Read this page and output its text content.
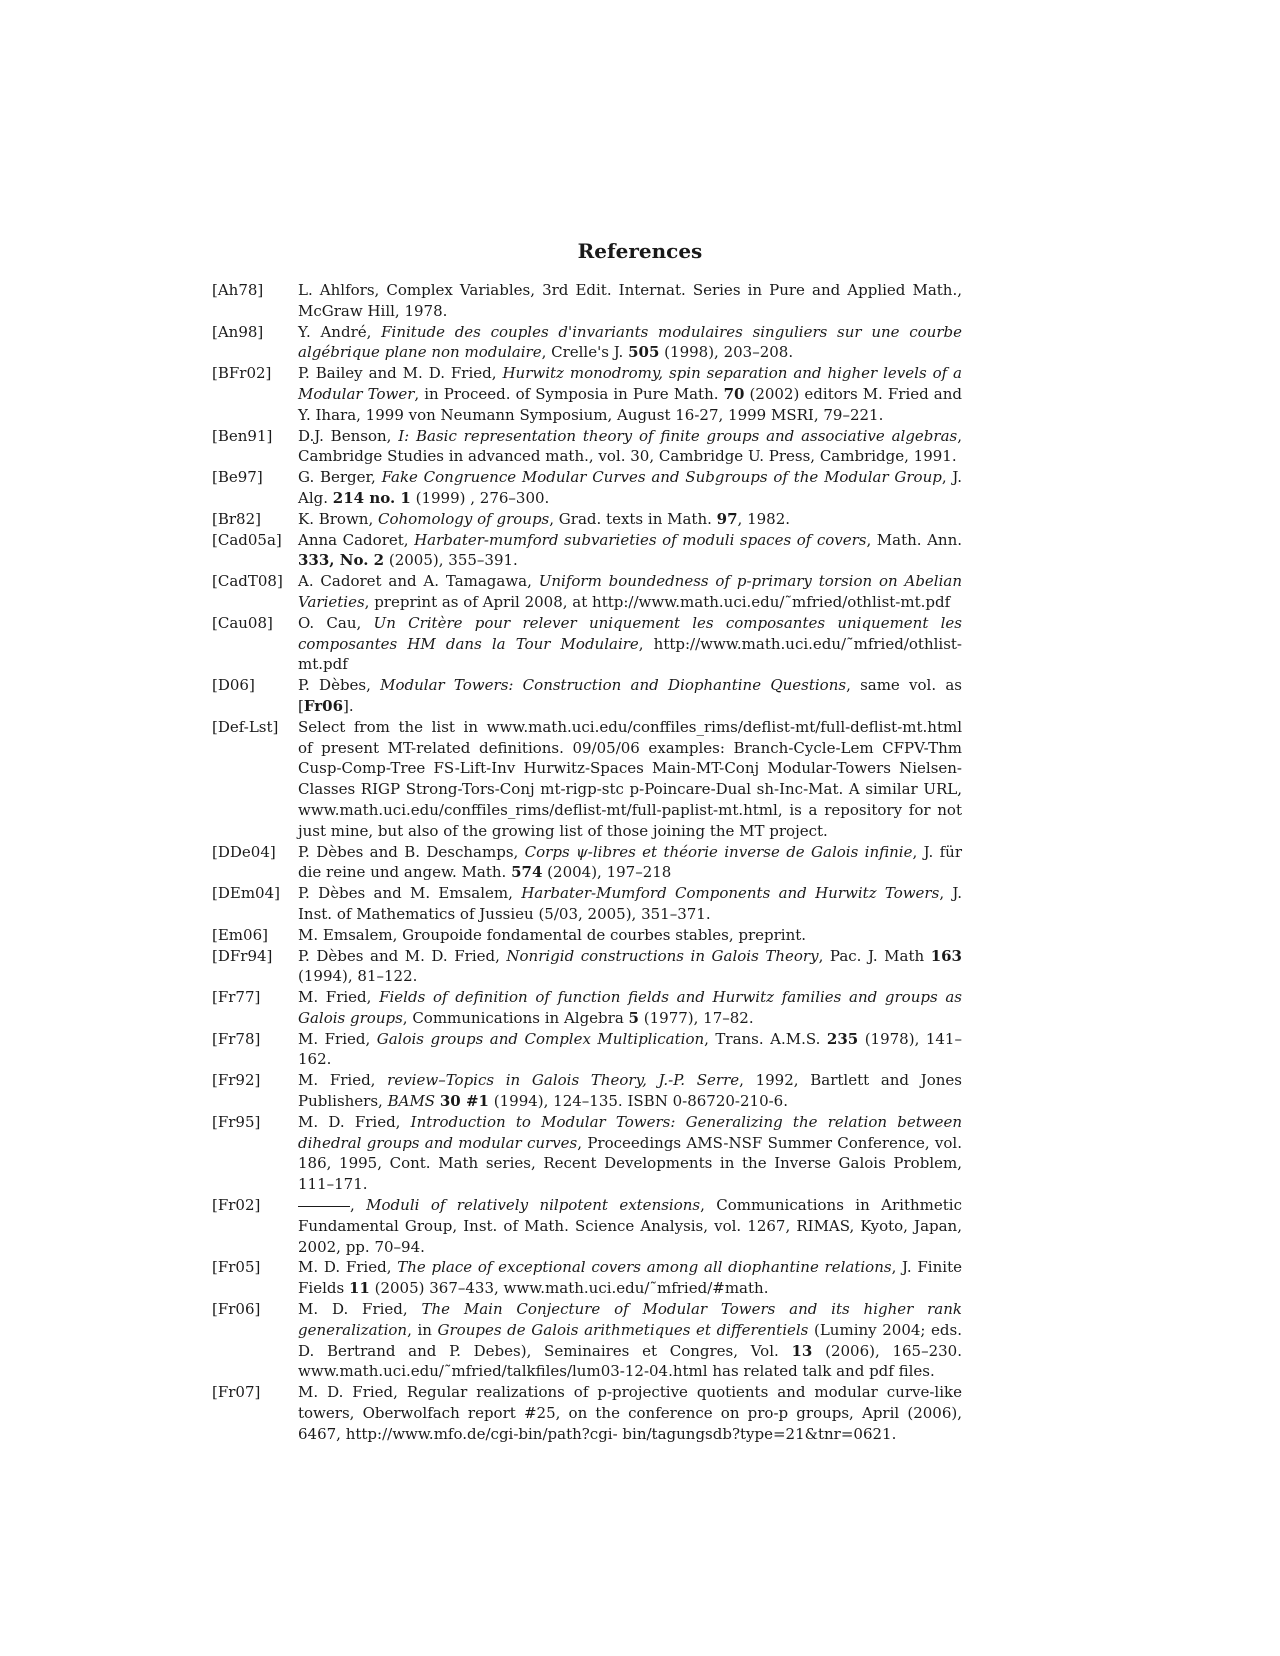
References
[Ah78]	L. Ahlfors, Complex Variables, 3rd Edit. Internat. Series in Pure and Applied Math., McGraw Hill, 1978.
[An98]	Y. André, Finitude des couples d'invariants modulaires singuliers sur une courbe algébrique plane non modulaire, Crelle's J. 505 (1998), 203–208.
[BFr02]	P. Bailey and M. D. Fried, Hurwitz monodromy, spin separation and higher levels of a Modular Tower, in Proceed. of Symposia in Pure Math. 70 (2002) editors M. Fried and Y. Ihara, 1999 von Neumann Symposium, August 16-27, 1999 MSRI, 79–221.
[Ben91]	D.J. Benson, I: Basic representation theory of finite groups and associative algebras, Cambridge Studies in advanced math., vol. 30, Cambridge U. Press, Cambridge, 1991.
[Be97]	G. Berger, Fake Congruence Modular Curves and Subgroups of the Modular Group, J. Alg. 214 no. 1 (1999) , 276–300.
[Br82]	K. Brown, Cohomology of groups, Grad. texts in Math. 97, 1982.
[Cad05a]	Anna Cadoret, Harbater-mumford subvarieties of moduli spaces of covers, Math. Ann. 333, No. 2 (2005), 355–391.
[CadT08]	A. Cadoret and A. Tamagawa, Uniform boundedness of p-primary torsion on Abelian Varieties, preprint as of April 2008, at http://www.math.uci.edu/˜mfried/othlist-mt.pdf
[Cau08]	O. Cau, Un Critère pour relever uniquement les composantes uniquement les composantes HM dans la Tour Modulaire, http://www.math.uci.edu/˜mfried/othlist-mt.pdf
[D06]	P. Dèbes, Modular Towers: Construction and Diophantine Questions, same vol. as [Fr06].
[Def-Lst]	Select from the list in www.math.uci.edu/conffiles_rims/deflist-mt/full-deflist-mt.html of present MT-related definitions. 09/05/06 examples: Branch-Cycle-Lem CFPV-Thm Cusp-Comp-Tree FS-Lift-Inv Hurwitz-Spaces Main-MT-Conj Modular-Towers Nielsen-Classes RIGP Strong-Tors-Conj mt-rigp-stc p-Poincare-Dual sh-Inc-Mat. A similar URL, www.math.uci.edu/conffiles_rims/deflist-mt/full-paplist-mt.html, is a repository for not just mine, but also of the growing list of those joining the MT project.
[DDe04]	P. Dèbes and B. Deschamps, Corps ψ-libres et théorie inverse de Galois infinie, J. für die reine und angew. Math. 574 (2004), 197–218
[DEm04]	P. Dèbes and M. Emsalem, Harbater-Mumford Components and Hurwitz Towers, J. Inst. of Mathematics of Jussieu (5/03, 2005), 351–371.
[Em06]	M. Emsalem, Groupoide fondamental de courbes stables, preprint.
[DFr94]	P. Dèbes and M. D. Fried, Nonrigid constructions in Galois Theory, Pac. J. Math 163 (1994), 81–122.
[Fr77]	M. Fried, Fields of definition of function fields and Hurwitz families and groups as Galois groups, Communications in Algebra 5 (1977), 17–82.
[Fr78]	M. Fried, Galois groups and Complex Multiplication, Trans. A.M.S. 235 (1978), 141–162.
[Fr92]	M. Fried, review–Topics in Galois Theory, J.-P. Serre, 1992, Bartlett and Jones Publishers, BAMS 30 #1 (1994), 124–135. ISBN 0-86720-210-6.
[Fr95]	M. D. Fried, Introduction to Modular Towers: Generalizing the relation between dihedral groups and modular curves, Proceedings AMS-NSF Summer Conference, vol. 186, 1995, Cont. Math series, Recent Developments in the Inverse Galois Problem, 111–171.
[Fr02]	, Moduli of relatively nilpotent extensions, Communications in Arithmetic Fundamental Group, Inst. of Math. Science Analysis, vol. 1267, RIMAS, Kyoto, Japan, 2002, pp. 70–94.
[Fr05]	M. D. Fried, The place of exceptional covers among all diophantine relations, J. Finite Fields 11 (2005) 367–433, www.math.uci.edu/˜mfried/#math.
[Fr06]	M. D. Fried, The Main Conjecture of Modular Towers and its higher rank generalization, in Groupes de Galois arithmetiques et differentiels (Luminy 2004; eds. D. Bertrand and P. Debes), Seminaires et Congres, Vol. 13 (2006), 165–230. www.math.uci.edu/˜mfried/talkfiles/lum03-12-04.html has related talk and pdf files.
[Fr07]	M. D. Fried, Regular realizations of p-projective quotients and modular curve-like towers, Oberwolfach report #25, on the conference on pro-p groups, April (2006), 6467, http://www.mfo.de/cgi-bin/path?cgi- bin/tagungsdb?type=21&tnr=0621.
